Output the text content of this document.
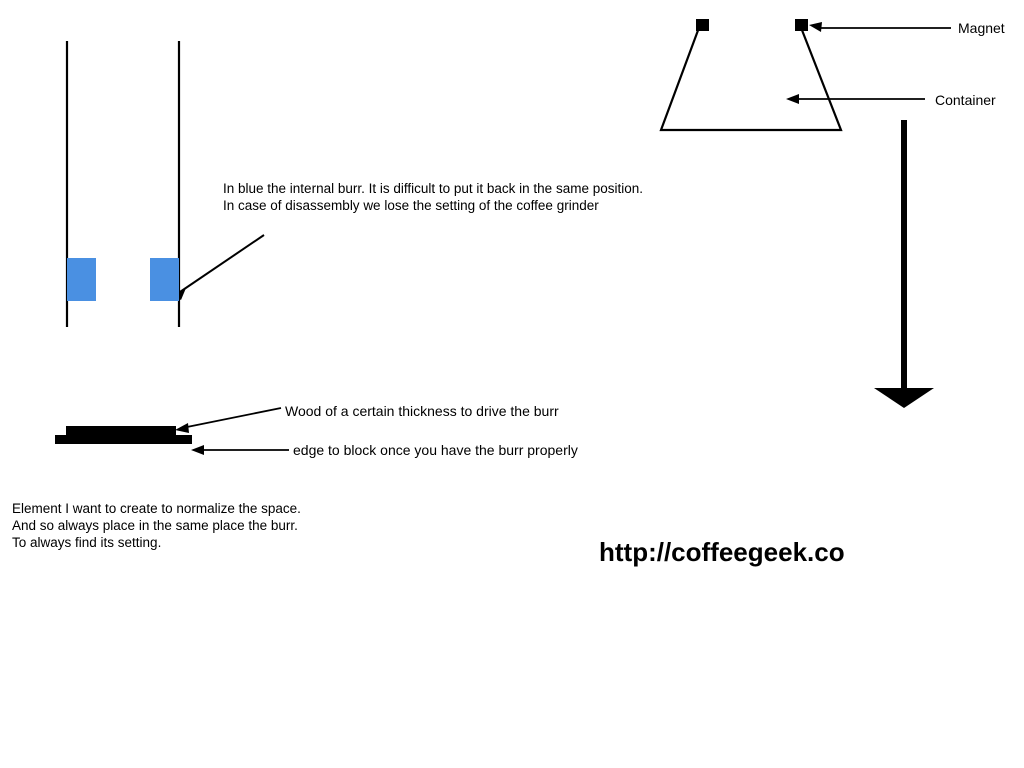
In blue the internal burr. It is difficult to put it back in the same position.
In case of disassembly we lose the setting of the coffee grinder
Magnet
Container
Wood of a certain thickness to drive the burr
edge to block once you have the burr properly
Element I want to create to normalize the space.
And so always place in the same place the burr.
To always find its setting.	http://coffeegeek.co
